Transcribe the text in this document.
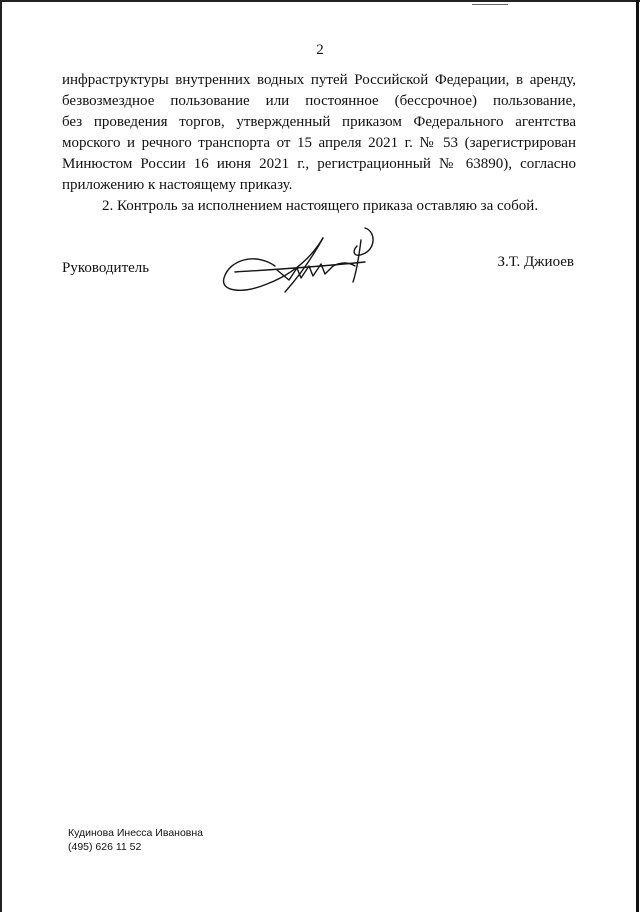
2
инфраструктуры внутренних водных путей Российской Федерации, в аренду,
безвозмездное пользование или постоянное (бессрочное) пользование,
без проведения торгов, утвержденный приказом Федерального агентства
морского и речного транспорта от 15 апреля 2021 г. № 53 (зарегистрирован
Минюстом России 16 июня 2021 г., регистрационный № 63890), согласно
приложению к настоящему приказу.
2. Контроль за исполнением настоящего приказа оставляю за собой.
Руководитель	З.Т. Джиоев
Кудинова Инесса Ивановна
(495) 626 11 52
